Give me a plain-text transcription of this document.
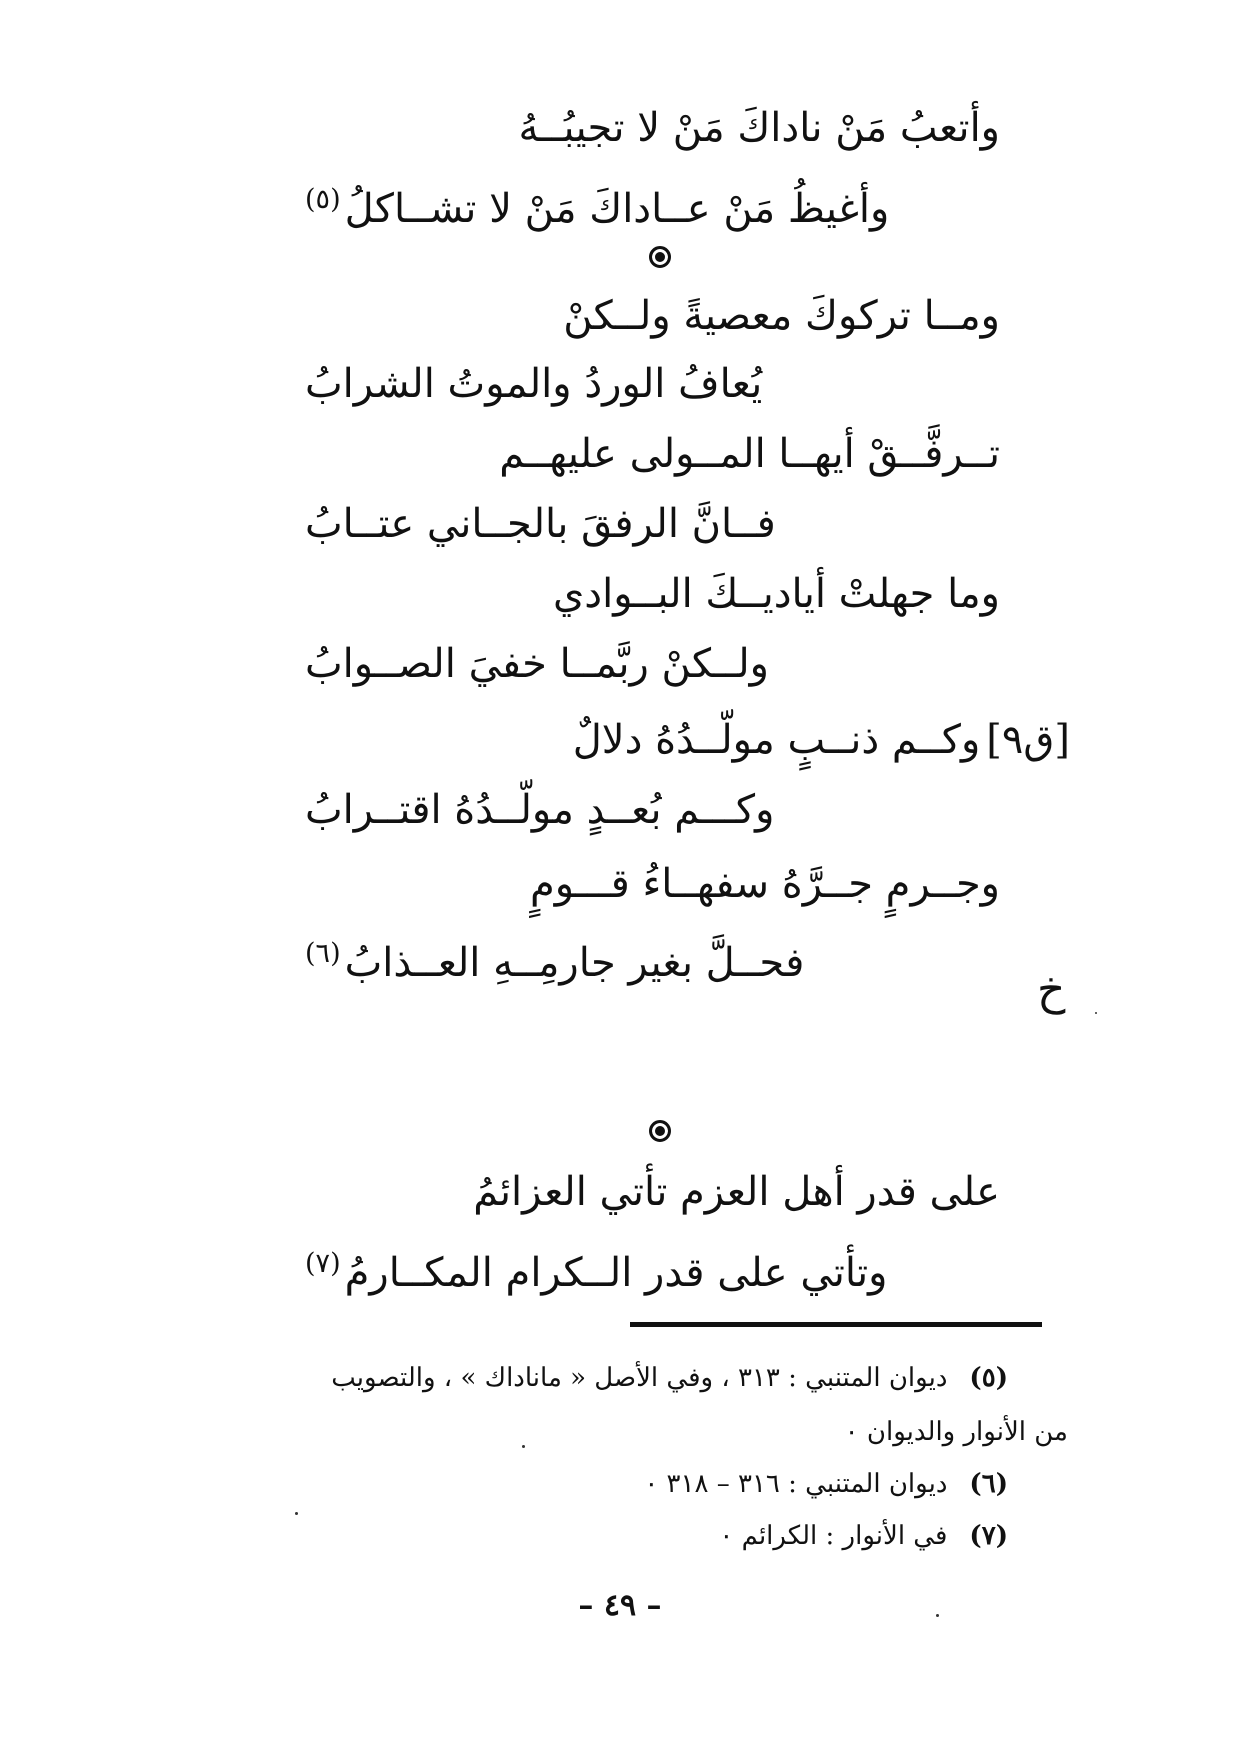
وأتعبُ مَنْ ناداكَ مَنْ لا تجيبُــهُ
وأغيظُ مَنْ عــاداكَ مَنْ لا تشــاكلُ$^{(٥)}$
ومــا تركوكَ معصيةً ولــكنْ
يُعافُ الوردُ والموتُ الشرابُ
تــرفَّــقْ أيهــا المــولى عليهــم
فــانَّ الرفقَ بالجــاني عتــابُ
وما جهلتْ أياديــكَ البــوادي
ولــكنْ ربَّمــا خفيَ الصــوابُ
[ق٩]وكــم ذنــبٍ مولّــدُهُ دلالٌ
وكـــم بُعــدٍ مولّــدُهُ اقتــرابُ
خ
وجــرمٍ جــرَّهُ سفهــاءُ قـــومٍ
فحــلَّ بغير جارمِــهِ العــذابُ$^{(٦)}$
على قدر أهل العزم تأتي العزائمُ
وتأتي على قدر الــكرام المكــارمُ$^{(٧)}$
(٥)ديوان المتنبي : ٣١٣ ، وفي الأصل « ماناداك » ، والتصويب
من الأنوار والديوان ٠
(٦)ديوان المتنبي : ٣١٦ – ٣١٨ ٠
(٧)في الأنوار : الكرائم ٠
– ٤٩ –
